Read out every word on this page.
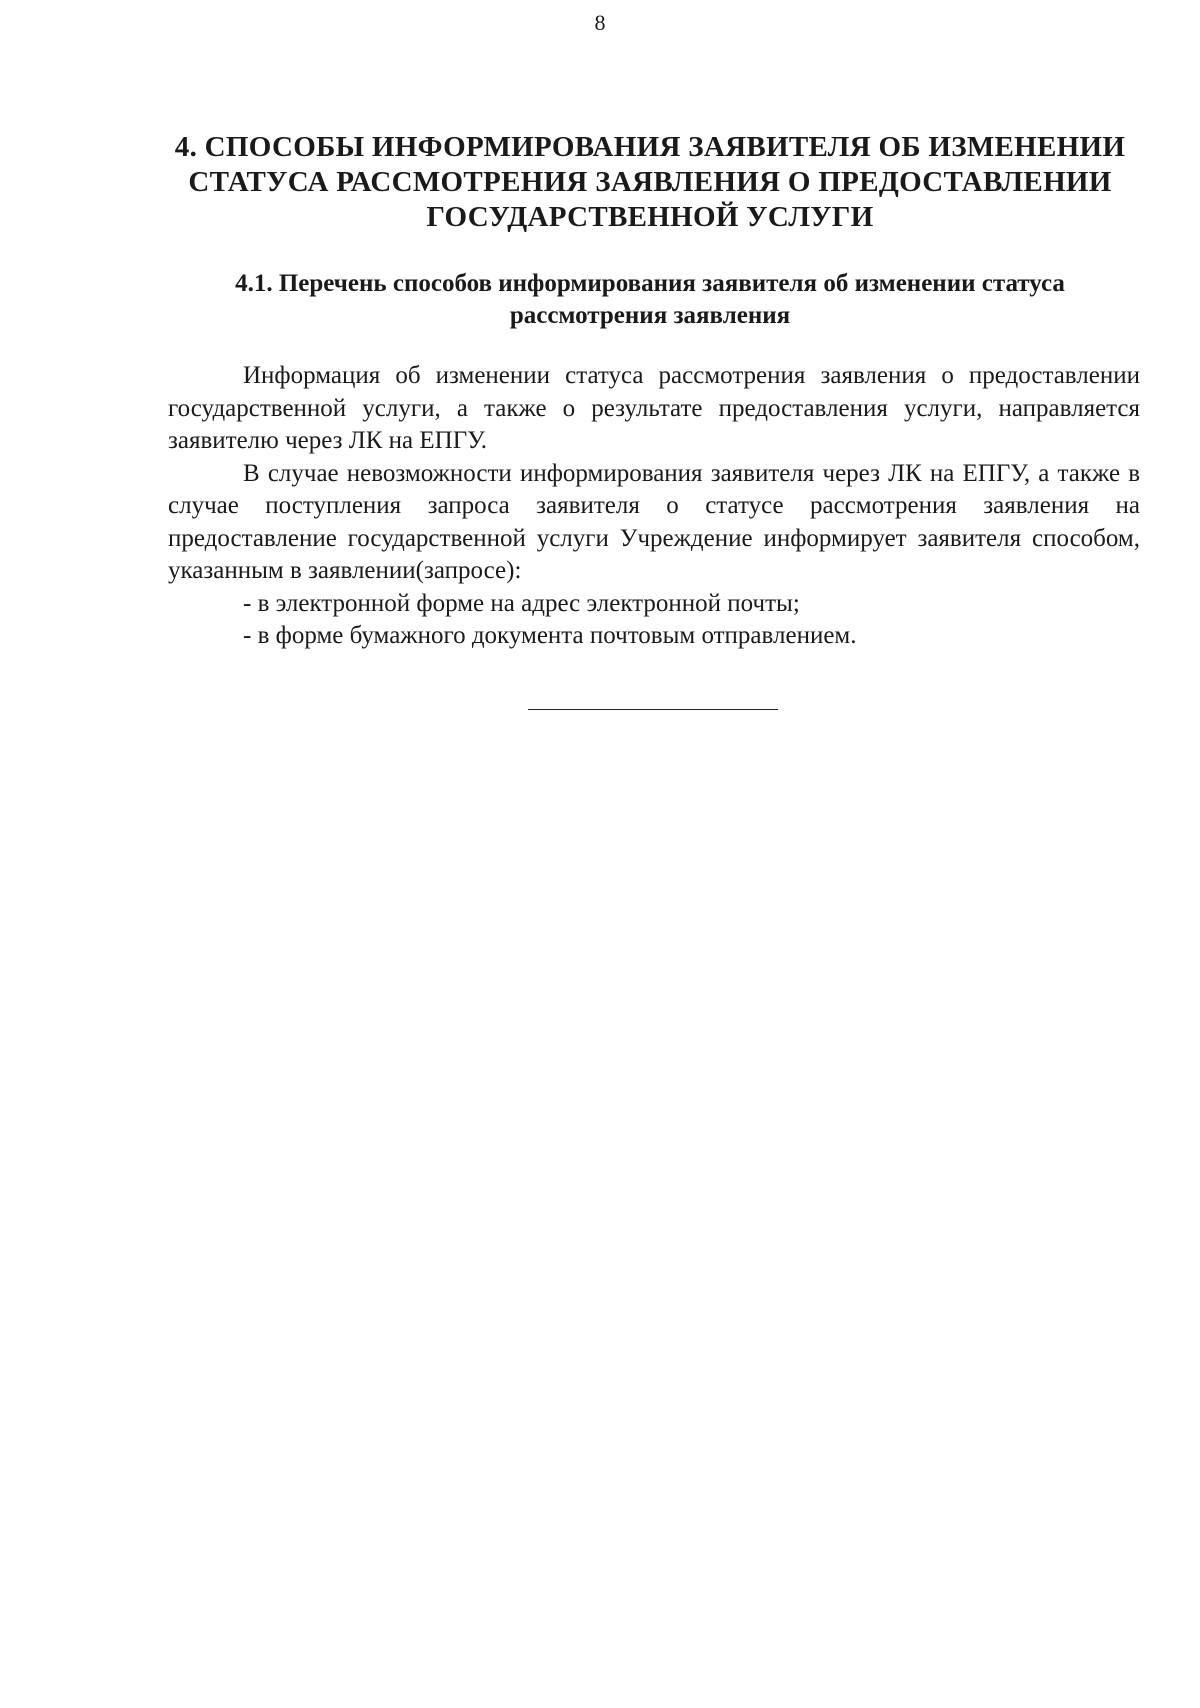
8
4. СПОСОБЫ ИНФОРМИРОВАНИЯ ЗАЯВИТЕЛЯ ОБ ИЗМЕНЕНИИ
СТАТУСА РАССМОТРЕНИЯ ЗАЯВЛЕНИЯ О ПРЕДОСТАВЛЕНИИ
ГОСУДАРСТВЕННОЙ УСЛУГИ
4.1. Перечень способов информирования заявителя об изменении статуса
рассмотрения заявления

Информация об изменении статуса рассмотрения заявления о предоставлении государственной услуги, а также о результате предоставления услуги, направляется заявителю через ЛК на ЕПГУ.

В случае невозможности информирования заявителя через ЛК на ЕПГУ, а также в случае поступления запроса заявителя о статусе рассмотрения заявления на предоставление государственной услуги Учреждение информирует заявителя способом, указанным в заявлении(запросе):

- в электронной форме на адрес электронной почты;

- в форме бумажного документа почтовым отправлением.
